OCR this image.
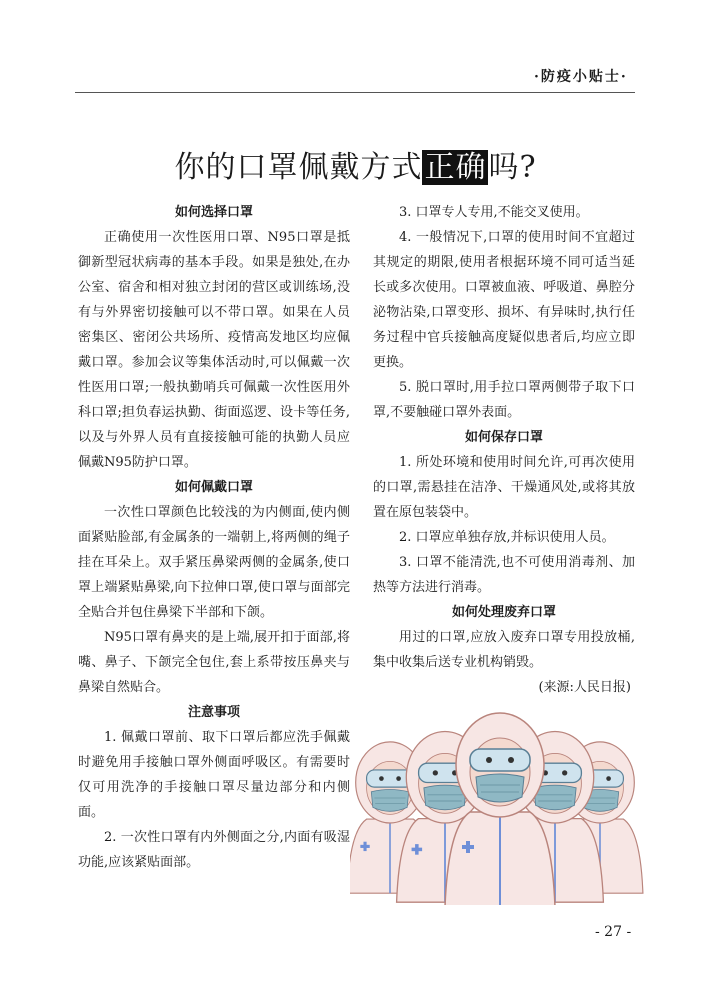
·防疫小贴士·
你的口罩佩戴方式正确吗?
如何选择口罩

正确使用一次性医用口罩、N95口罩是抵御新型冠状病毒的基本手段。如果是独处,在办公室、宿舍和相对独立封闭的营区或训练场,没有与外界密切接触可以不带口罩。如果在人员密集区、密闭公共场所、疫情高发地区均应佩戴口罩。参加会议等集体活动时,可以佩戴一次性医用口罩;一般执勤哨兵可佩戴一次性医用外科口罩;担负春运执勤、街面巡逻、设卡等任务,以及与外界人员有直接接触可能的执勤人员应佩戴N95防护口罩。

如何佩戴口罩

一次性口罩颜色比较浅的为内侧面,使内侧面紧贴脸部,有金属条的一端朝上,将两侧的绳子挂在耳朵上。双手紧压鼻梁两侧的金属条,使口罩上端紧贴鼻梁,向下拉伸口罩,使口罩与面部完全贴合并包住鼻梁下半部和下颌。

N95口罩有鼻夹的是上端,展开扣于面部,将嘴、鼻子、下颌完全包住,套上系带按压鼻夹与鼻梁自然贴合。

注意事项

1. 佩戴口罩前、取下口罩后都应洗手佩戴时避免用手接触口罩外侧面呼吸区。有需要时仅可用洗净的手接触口罩尽量边部分和内侧面。

2. 一次性口罩有内外侧面之分,内面有吸湿功能,应该紧贴面部。

3. 口罩专人专用,不能交叉使用。

4. 一般情况下,口罩的使用时间不宜超过其规定的期限,使用者根据环境不同可适当延长或多次使用。口罩被血液、呼吸道、鼻腔分泌物沾染,口罩变形、损坏、有异味时,执行任务过程中官兵接触高度疑似患者后,均应立即更换。

5. 脱口罩时,用手拉口罩两侧带子取下口罩,不要触碰口罩外表面。

如何保存口罩

1. 所处环境和使用时间允许,可再次使用的口罩,需悬挂在洁净、干燥通风处,或将其放置在原包装袋中。

2. 口罩应单独存放,并标识使用人员。

3. 口罩不能清洗,也不可使用消毒剂、加热等方法进行消毒。

如何处理废弃口罩

用过的口罩,应放入废弃口罩专用投放桶,集中收集后送专业机构销毁。

(来源:人民日报)

- 27 -
